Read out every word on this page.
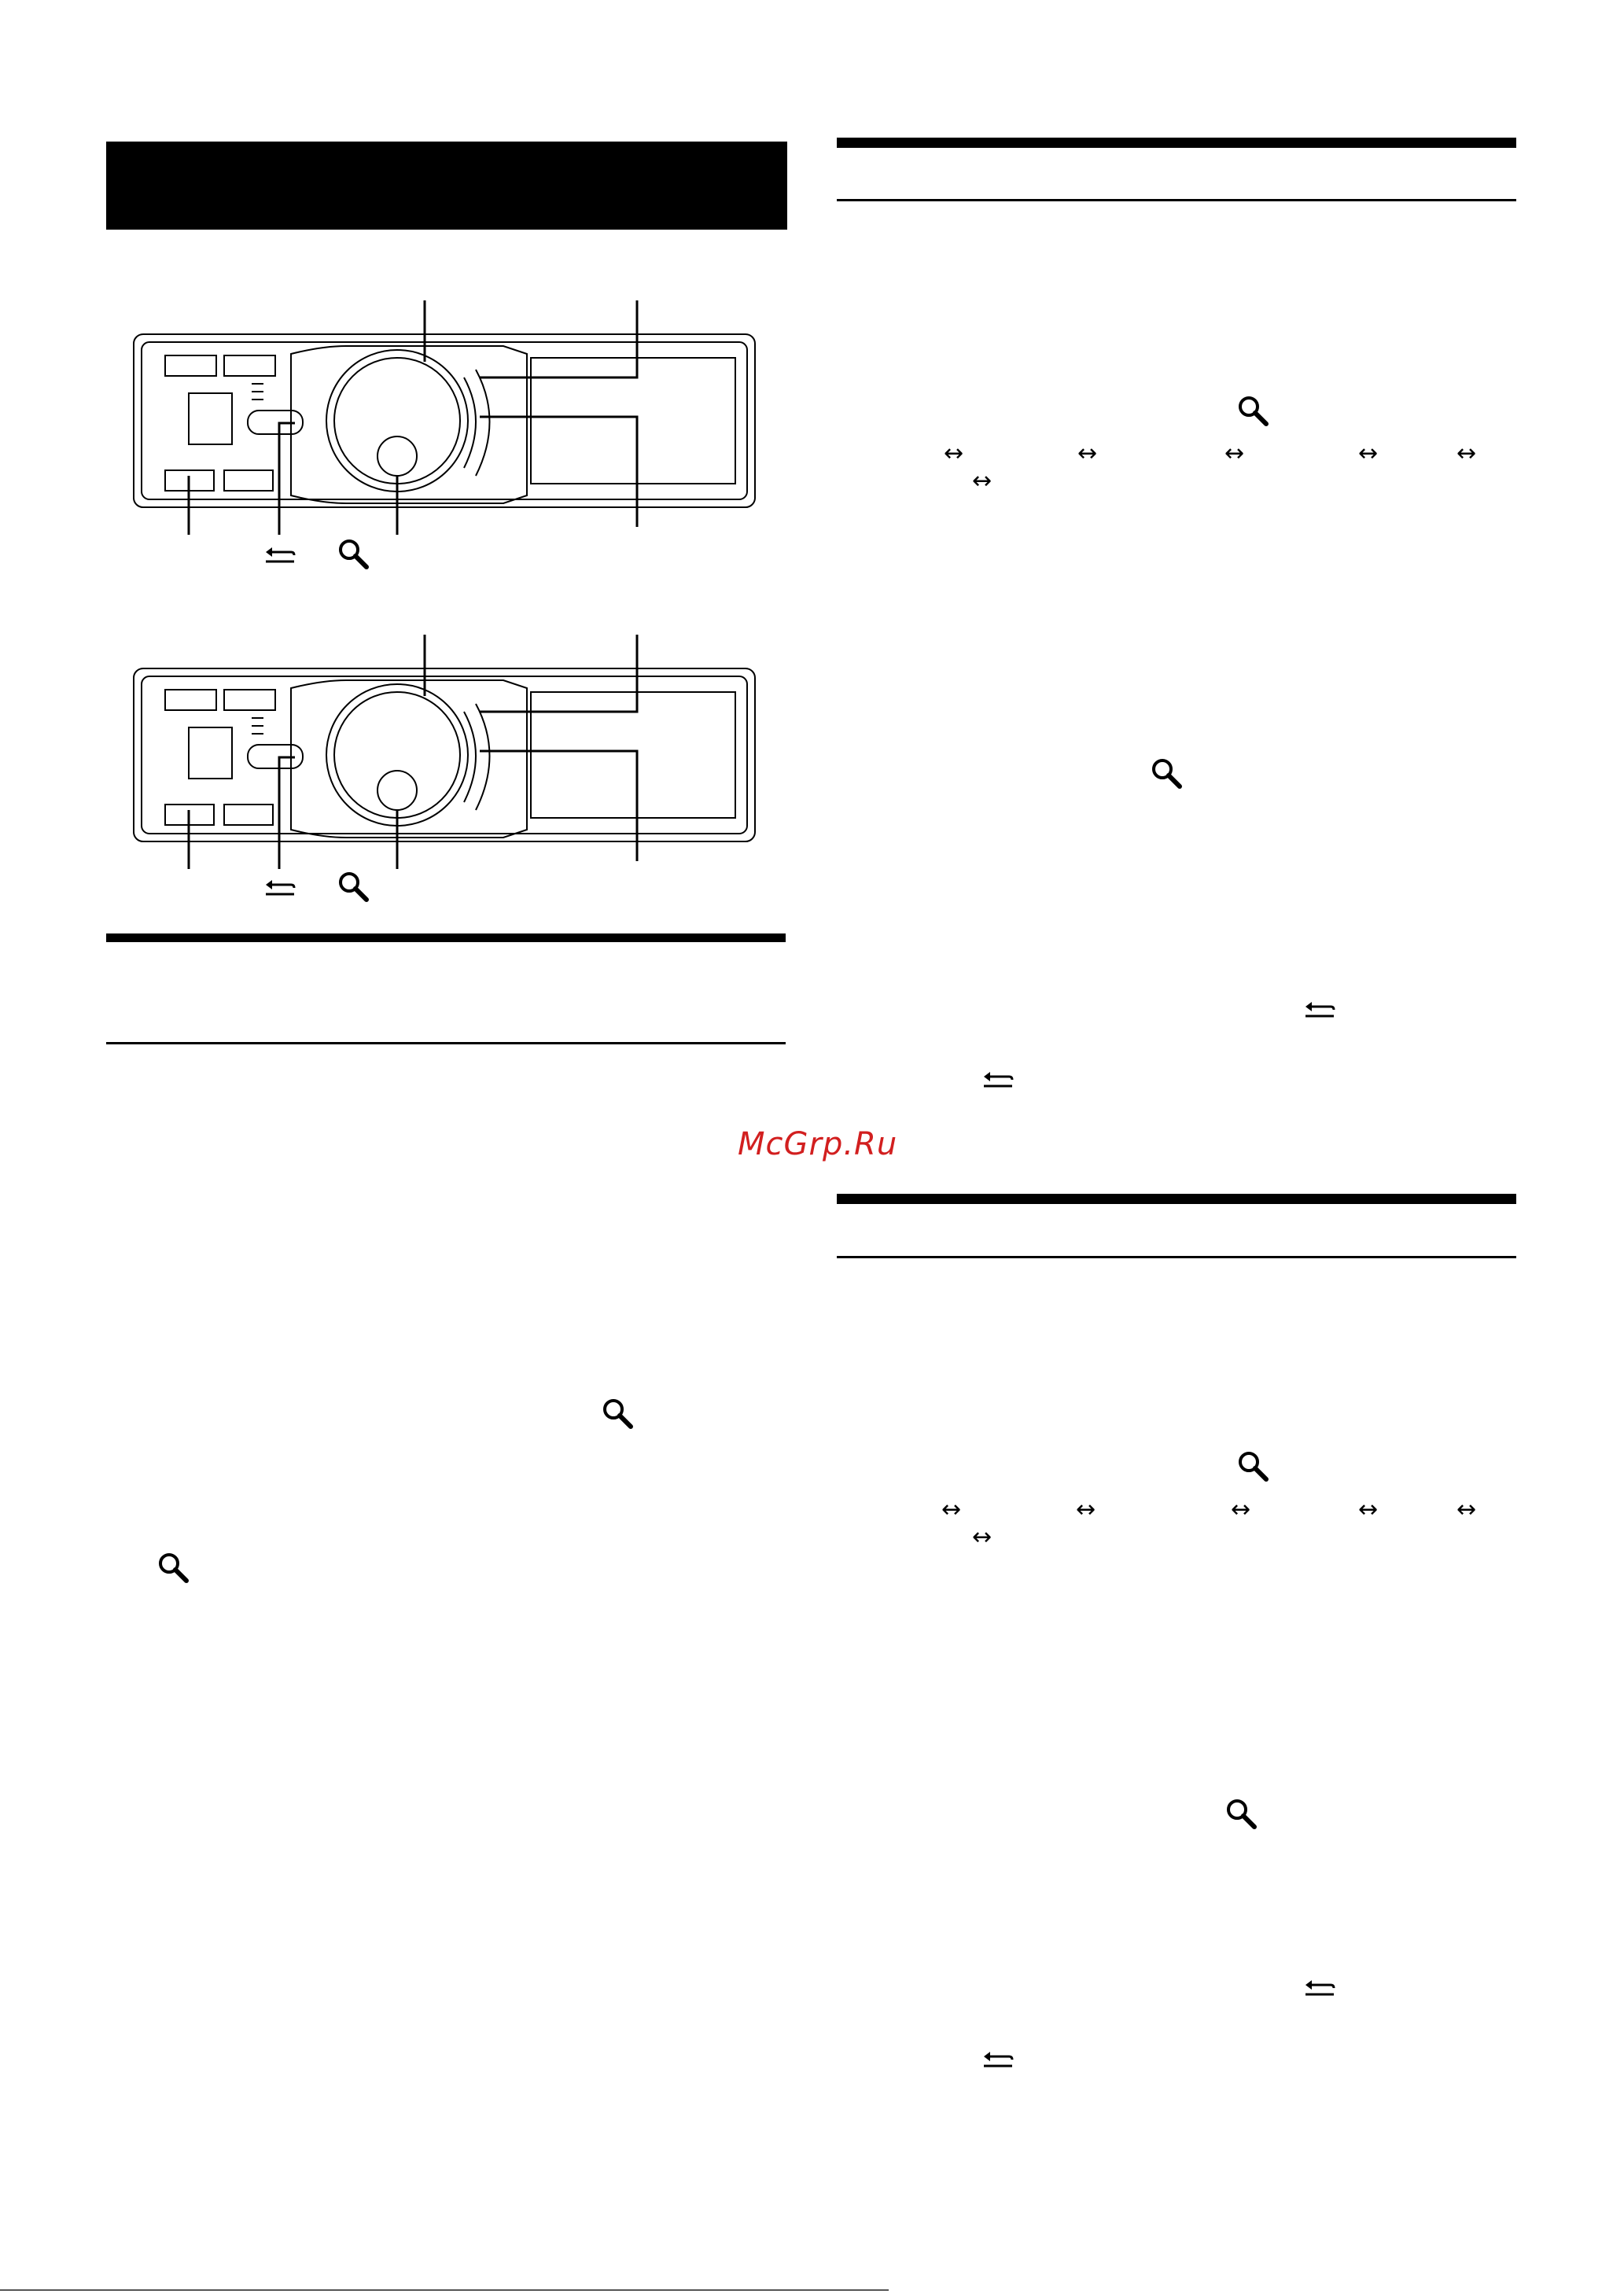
↔	↔	↔	↔	↔
↔
McGrp.Ru
↔	↔	↔	↔	↔
↔
